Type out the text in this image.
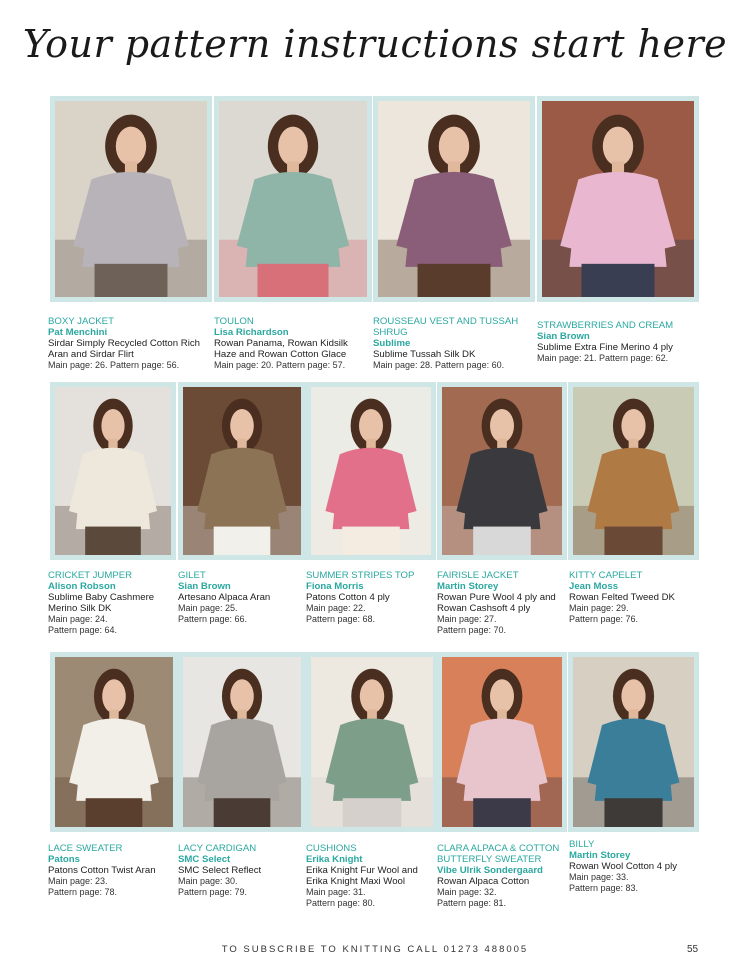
Your pattern instructions start here
BOXY JACKET
Pat Menchini
Sirdar Simply Recycled Cotton Rich Aran and Sirdar Flirt
Main page: 26. Pattern page: 56.
TOULON
Lisa Richardson
Rowan Panama, Rowan Kidsilk Haze and Rowan Cotton Glace
Main page: 20. Pattern page: 57.
ROUSSEAU VEST AND TUSSAH SHRUG
Sublime
Sublime Tussah Silk DK
Main page: 28. Pattern page: 60.
STRAWBERRIES AND CREAM
Sian Brown
Sublime Extra Fine Merino 4 ply
Main page: 21. Pattern page: 62.
CRICKET JUMPER
Alison Robson
Sublime Baby Cashmere Merino Silk DK
Main page: 24.
Pattern page: 64.
GILET
Sian Brown
Artesano Alpaca Aran
Main page: 25.
Pattern page: 66.
SUMMER STRIPES TOP
Fiona Morris
Patons Cotton 4 ply
Main page: 22.
Pattern page: 68.
FAIRISLE JACKET
Martin Storey
Rowan Pure Wool 4 ply and Rowan Cashsoft 4 ply
Main page: 27.
Pattern page: 70.
KITTY CAPELET
Jean Moss
Rowan Felted Tweed DK
Main page: 29.
Pattern page: 76.
LACE SWEATER
Patons
Patons Cotton Twist Aran
Main page: 23.
Pattern page: 78.
LACY CARDIGAN
SMC Select
SMC Select Reflect
Main page: 30.
Pattern page: 79.
CUSHIONS
Erika Knight
Erika Knight Fur Wool and Erika Knight Maxi Wool
Main page: 31.
Pattern page: 80.
CLARA ALPACA & COTTON BUTTERFLY SWEATER
Vibe Ulrik Sondergaard
Rowan Alpaca Cotton
Main page: 32.
Pattern page: 81.
BILLY
Martin Storey
Rowan Wool Cotton 4 ply
Main page: 33.
Pattern page: 83.
TO SUBSCRIBE TO KNITTING CALL 01273 488005	55
